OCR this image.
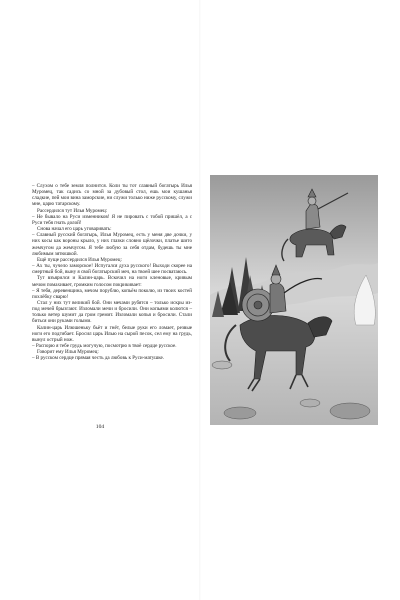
– Слухом о тебе земля полнится. Коли ты тот славный богатырь Илья Муромец, так садись со мной за дубовый стол, ешь мои кушанья сладкие, пей мои вина заморские, ни служи только ниже русскому, служи мне, царю татарскому.

Рассердился тут Илья Муромец:

– Не бывало на Руси изменников! Я не пировать с тобой пришёл, а с Руси тебя гнать долой!

Снова начал его царь уговаривать:

– Славный русский богатырь, Илья Муромец, есть у меня две дочки, у них косы как вороны крыло, у них глазки словно щёлочки, платье шито жемчугом да жемчугом. Я тебе любую за себя отдам, будешь ты мне любимым зятюшкой.

Ещё пуще рассердился Илья Муромец:

– Ах ты, чучело заморское! Испугался духа русского! Выходи скорее на смертный бой, выну я свой богатырский меч, на твоей шее посватаюсь.

Тут взъярился и Калин-царь. Вскочил на ноги кленовые, кривым мечом помахивает, громким голосом покрикивает:

– Я тебя, деревенщина, мечом порублю, копьём поколю, из твоих костей похлёбку сварю!

Стал у них тут великий бой. Они мечами рубятся – только искры из-под мечей брызгают. Изломали мечи и бросили. Они копьями колются – только ветер шумит да гром гремит. Изломали копья и бросили. Стали биться они руками голыми.

Калин-царь Илюшеньку бьёт и гнёт, белые руки его ломает, резвые ноги его подгибает. Бросил царь Илью на сырой песок, сел ему на грудь, вынул острый нож.

– Распорю я тебе грудь могучую, посмотрю в твоё сердце русское.

Говорит ему Илья Муромец:

– В русском сердце прямая честь да любовь к Руси-матушке.

104
